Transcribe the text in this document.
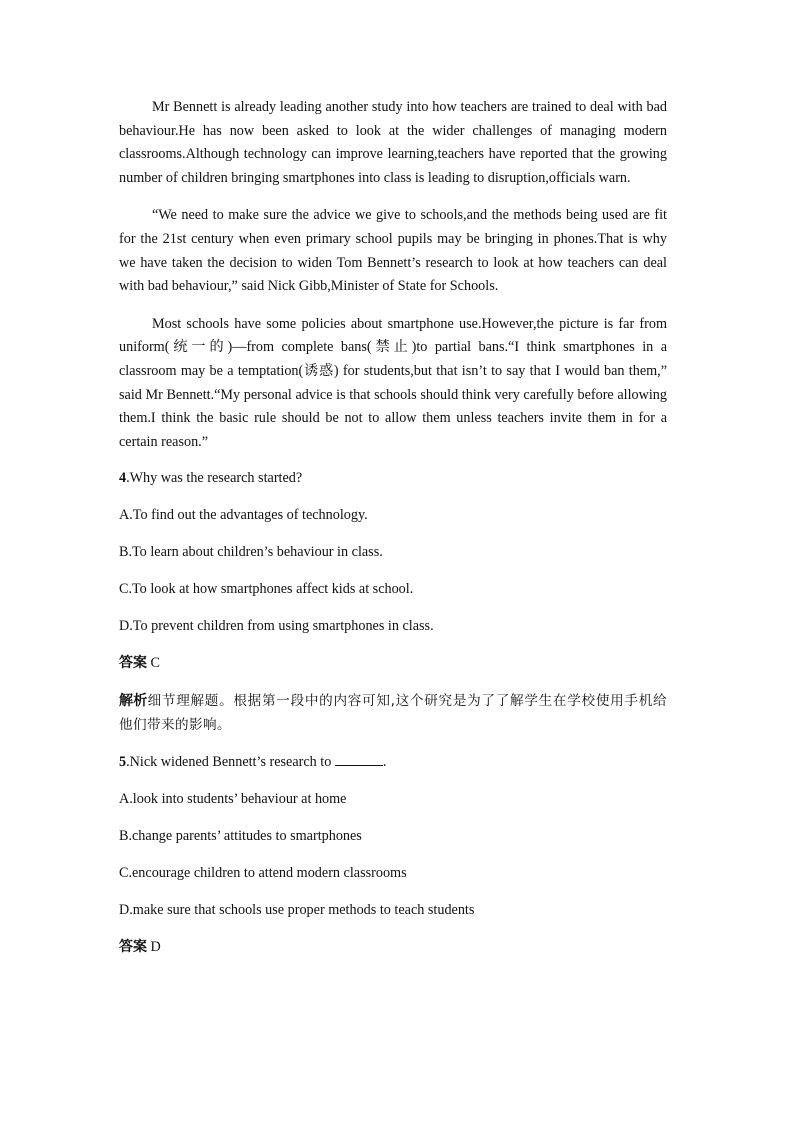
Mr Bennett is already leading another study into how teachers are trained to deal with bad behaviour.He has now been asked to look at the wider challenges of managing modern classrooms.Although technology can improve learning,teachers have reported that the growing number of children bringing smartphones into class is leading to disruption,officials warn.

“We need to make sure the advice we give to schools,and the methods being used are fit for the 21st century when even primary school pupils may be bringing in phones.That is why we have taken the decision to widen Tom Bennett’s research to look at how teachers can deal with bad behaviour,” said Nick Gibb,Minister of State for Schools.

Most schools have some policies about smartphone use.However,the picture is far from uniform(统一的)—from complete bans(禁止)to partial bans.“I think smartphones in a classroom may be a temptation(诱惑) for students,but that isn’t to say that I would ban them,” said Mr Bennett.“My personal advice is that schools should think very carefully before allowing them.I think the basic rule should be not to allow them unless teachers invite them in for a certain reason.”

4.Why was the research started?

A.To find out the advantages of technology.

B.To learn about children’s behaviour in class.

C.To look at how smartphones affect kids at school.

D.To prevent children from using smartphones in class.

答案 C

解析细节理解题。根据第一段中的内容可知,这个研究是为了了解学生在学校使用手机给他们带来的影响。

5.Nick widened Bennett’s research to	.

A.look into students’ behaviour at home

B.change parents’ attitudes to smartphones

C.encourage children to attend modern classrooms

D.make sure that schools use proper methods to teach students

答案 D
